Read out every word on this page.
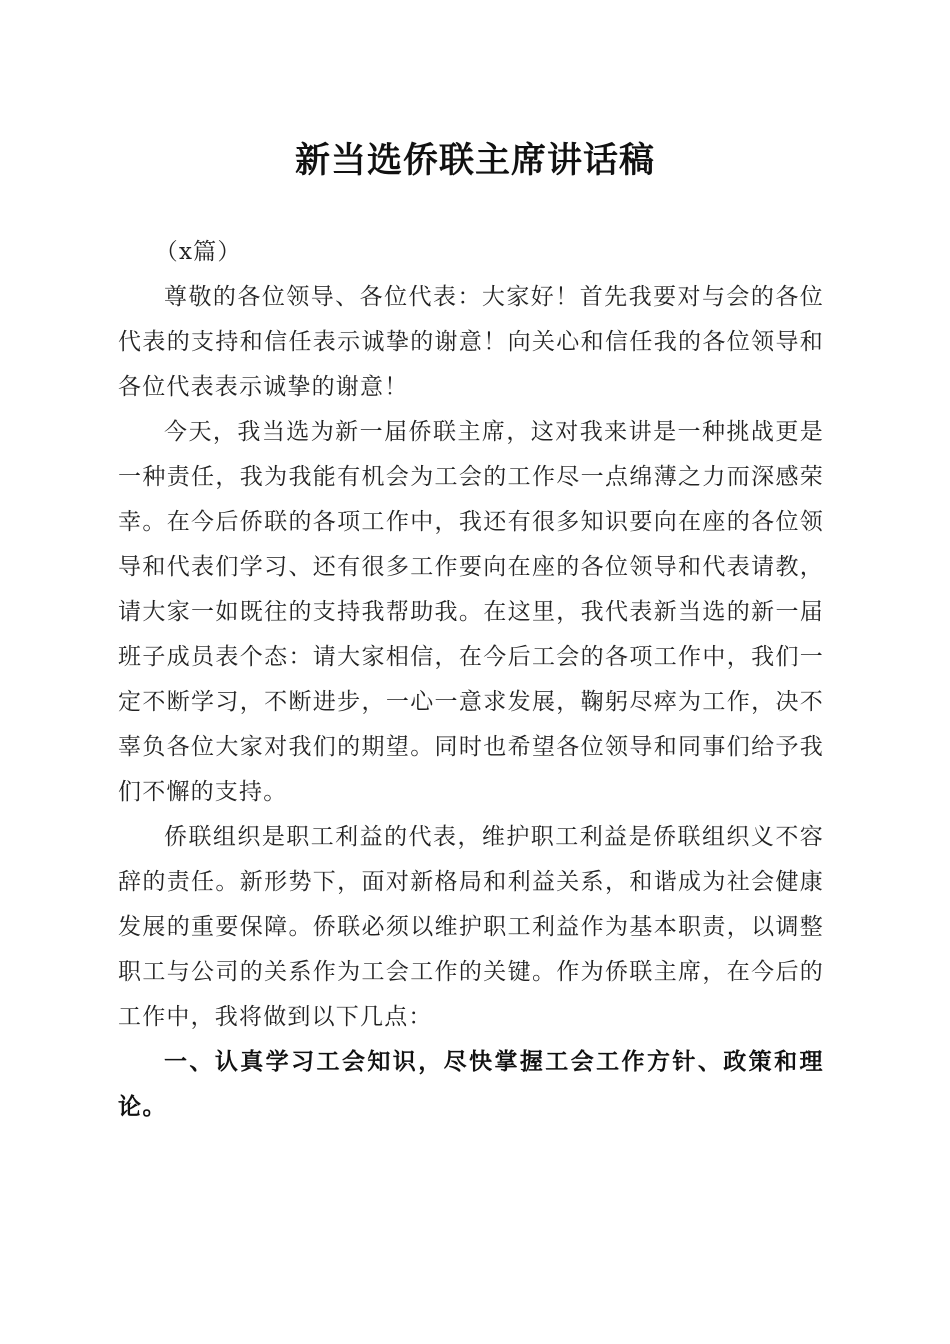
新当选侨联主席讲话稿

（x篇）

尊敬的各位领导、各位代表：大家好！首先我要对与会的各位代表的支持和信任表示诚挚的谢意！向关心和信任我的各位领导和各位代表表示诚挚的谢意！

今天，我当选为新一届侨联主席，这对我来讲是一种挑战更是一种责任，我为我能有机会为工会的工作尽一点绵薄之力而深感荣幸。在今后侨联的各项工作中，我还有很多知识要向在座的各位领导和代表们学习、还有很多工作要向在座的各位领导和代表请教，请大家一如既往的支持我帮助我。在这里，我代表新当选的新一届班子成员表个态：请大家相信，在今后工会的各项工作中，我们一定不断学习，不断进步，一心一意求发展，鞠躬尽瘁为工作，决不辜负各位大家对我们的期望。同时也希望各位领导和同事们给予我们不懈的支持。

侨联组织是职工利益的代表，维护职工利益是侨联组织义不容辞的责任。新形势下，面对新格局和利益关系，和谐成为社会健康发展的重要保障。侨联必须以维护职工利益作为基本职责，以调整职工与公司的关系作为工会工作的关键。作为侨联主席，在今后的工作中，我将做到以下几点：

一、认真学习工会知识，尽快掌握工会工作方针、政策和理论。
